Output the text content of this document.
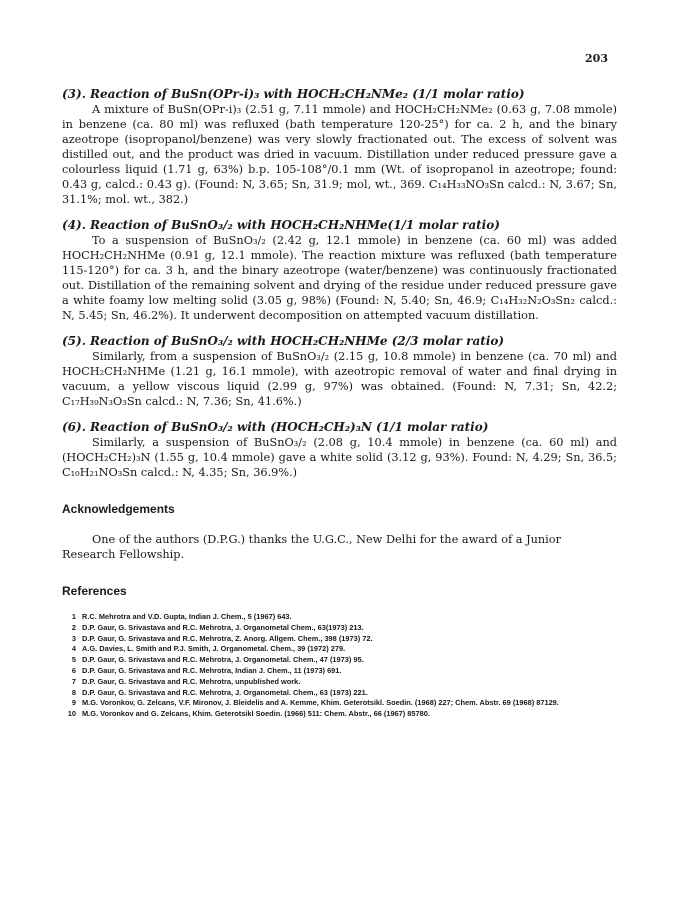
203
(3). Reaction of BuSn(OPr-i)₃ with HOCH₂CH₂NMe₂ (1/1 molar ratio)

A mixture of BuSn(OPr-i)₃ (2.51 g, 7.11 mmole) and HOCH₂CH₂NMe₂ (0.63 g, 7.08 mmole) in benzene (ca. 80 ml) was refluxed (bath temperature 120-25°) for ca. 2 h, and the binary azeotrope (isopropanol/benzene) was very slowly fractionated out. The excess of solvent was distilled out, and the product was dried in vacuum. Distillation under reduced pressure gave a colourless liquid (1.71 g, 63%) b.p. 105-108°/0.1 mm (Wt. of isopropanol in azeotrope; found: 0.43 g, calcd.: 0.43 g). (Found: N, 3.65; Sn, 31.9; mol, wt., 369. C₁₄H₃₃NO₃Sn calcd.: N, 3.67; Sn, 31.1%; mol. wt., 382.)

(4). Reaction of BuSnO₃/₂ with HOCH₂CH₂NHMe(1/1 molar ratio)

To a suspension of BuSnO₃/₂ (2.42 g, 12.1 mmole) in benzene (ca. 60 ml) was added HOCH₂CH₂NHMe (0.91 g, 12.1 mmole). The reaction mixture was refluxed (bath temperature 115-120°) for ca. 3 h, and the binary azeotrope (water/benzene) was continuously fractionated out. Distillation of the remaining solvent and drying of the residue under reduced pressure gave a white foamy low melting solid (3.05 g, 98%) (Found: N, 5.40; Sn, 46.9; C₁₄H₃₂N₂O₃Sn₂ calcd.: N, 5.45; Sn, 46.2%). It underwent decomposition on attempted vacuum distillation.

(5). Reaction of BuSnO₃/₂ with HOCH₂CH₂NHMe (2/3 molar ratio)

Similarly, from a suspension of BuSnO₃/₂ (2.15 g, 10.8 mmole) in benzene (ca. 70 ml) and HOCH₂CH₂NHMe (1.21 g, 16.1 mmole), with azeotropic removal of water and final drying in vacuum, a yellow viscous liquid (2.99 g, 97%) was obtained. (Found: N, 7.31; Sn, 42.2; C₁₇H₃₉N₃O₃Sn calcd.: N, 7.36; Sn, 41.6%.)

(6). Reaction of BuSnO₃/₂ with (HOCH₂CH₂)₃N (1/1 molar ratio)

Similarly, a suspension of BuSnO₃/₂ (2.08 g, 10.4 mmole) in benzene (ca. 60 ml) and (HOCH₂CH₂)₃N (1.55 g, 10.4 mmole) gave a white solid (3.12 g, 93%). Found: N, 4.29; Sn, 36.5; C₁₀H₂₁NO₃Sn calcd.: N, 4.35; Sn, 36.9%.)

Acknowledgements

One of the authors (D.P.G.) thanks the U.G.C., New Delhi for the award of a Junior Research Fellowship.

References
1 R.C. Mehrotra and V.D. Gupta, Indian J. Chem., 5 (1967) 643.
2 D.P. Gaur, G. Srivastava and R.C. Mehrotra, J. Organometal Chem., 63(1973) 213.
3 D.P. Gaur, G. Srivastava and R.C. Mehrotra, Z. Anorg. Allgem. Chem., 398 (1973) 72.
4 A.G. Davies, L. Smith and P.J. Smith, J. Organometal. Chem., 39 (1972) 279.
5 D.P. Gaur, G. Srivastava and R.C. Mehrotra, J. Organometal. Chem., 47 (1973) 95.
6 D.P. Gaur, G. Srivastava and R.C. Mehrotra, Indian J. Chem., 11 (1973) 691.
7 D.P. Gaur, G. Srivastava and R.C. Mehrotra, unpublished work.
8 D.P. Gaur, G. Srivastava and R.C. Mehrotra, J. Organometal. Chem., 63 (1973) 221.
9 M.G. Voronkov, G. Zelcans, V.F. Mironov, J. Bleidelis and A. Kemme, Khim. Geterotsikl. Soedin. (1968) 227; Chem. Abstr. 69 (1968) 87129.
10 M.G. Voronkov and G. Zelcans, Khim. Geterotsikl Soedin. (1966) 511: Chem. Abstr., 66 (1967) 85780.
